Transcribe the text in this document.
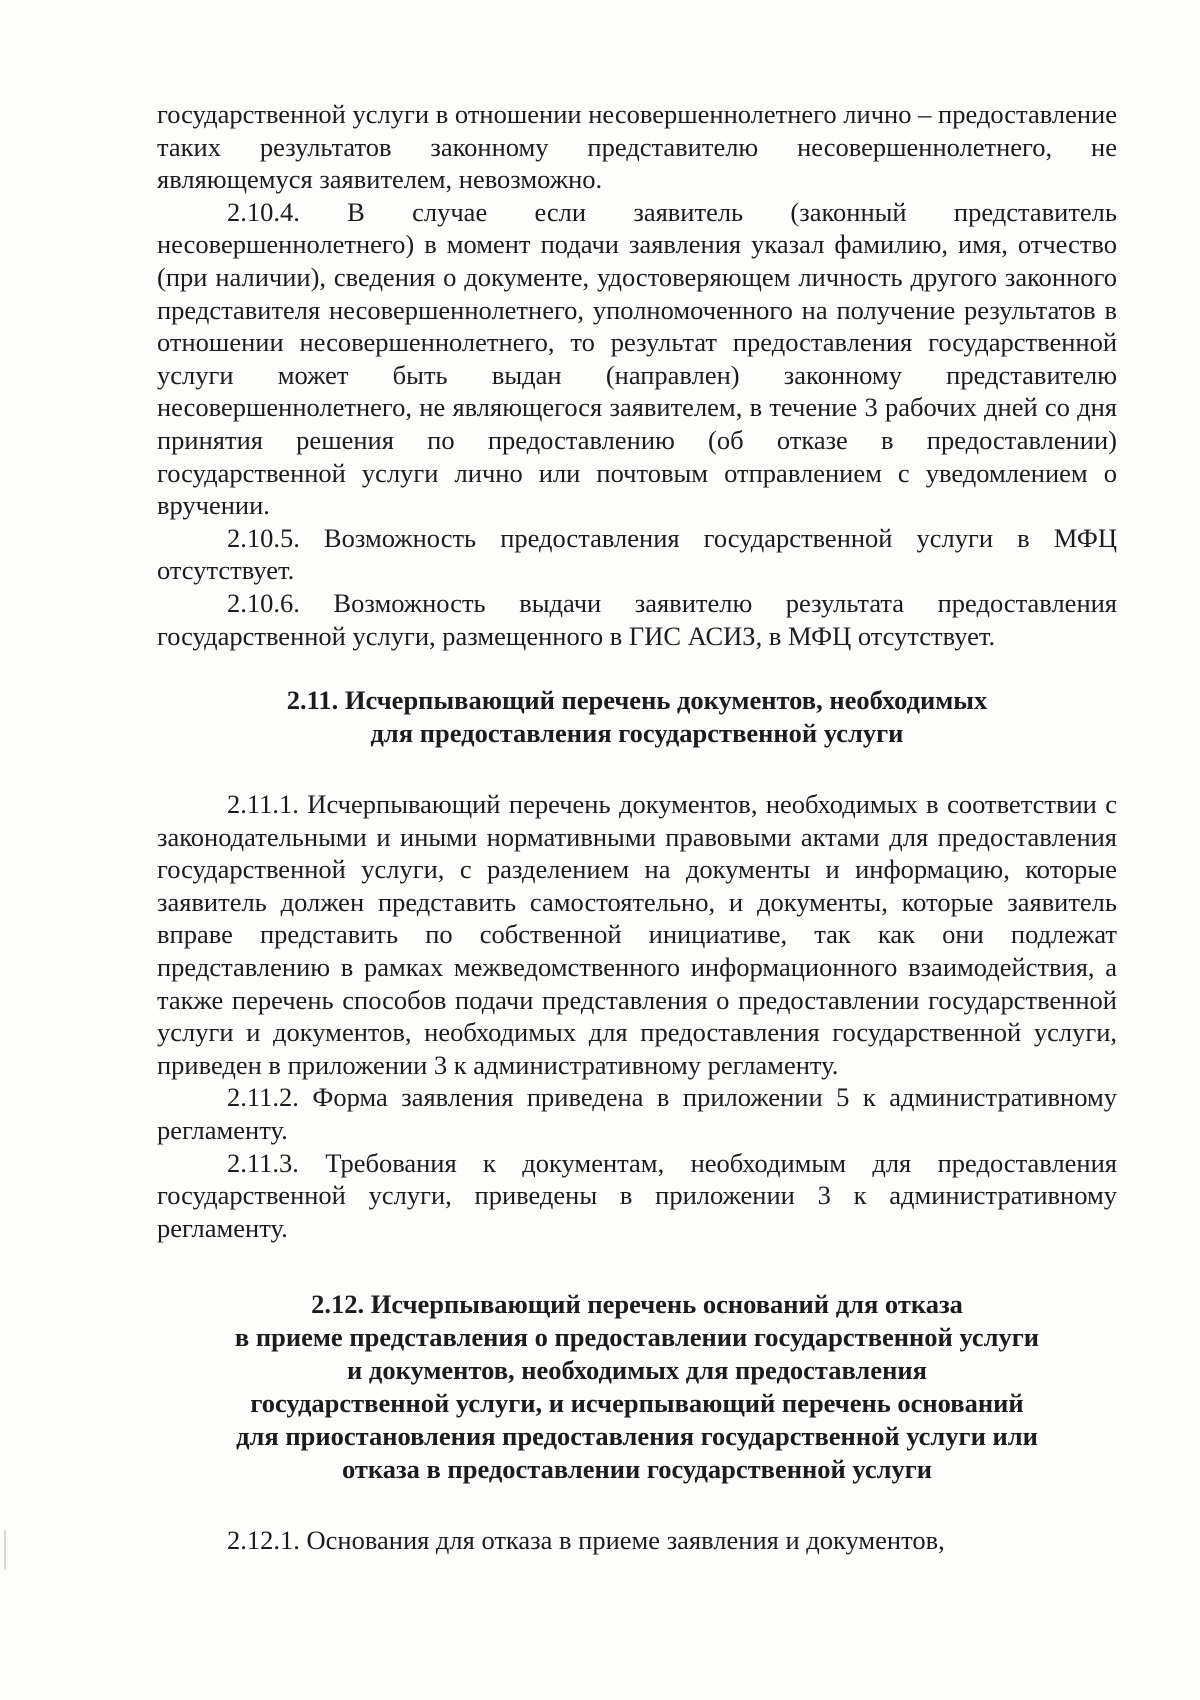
государственной услуги в отношении несовершеннолетнего лично – предоставление таких результатов законному представителю несовершеннолетнего, не являющемуся заявителем, невозможно.

2.10.4. В случае если заявитель (законный представитель несовершеннолетнего) в момент подачи заявления указал фамилию, имя, отчество (при наличии), сведения о документе, удостоверяющем личность другого законного представителя несовершеннолетнего, уполномоченного на получение результатов в отношении несовершеннолетнего, то результат предоставления государственной услуги может быть выдан (направлен) законному представителю несовершеннолетнего, не являющегося заявителем, в течение 3 рабочих дней со дня принятия решения по предоставлению (об отказе в предоставлении) государственной услуги лично или почтовым отправлением с уведомлением о вручении.

2.10.5. Возможность предоставления государственной услуги в МФЦ отсутствует.

2.10.6. Возможность выдачи заявителю результата предоставления государственной услуги, размещенного в ГИС АСИЗ, в МФЦ отсутствует.

2.11. Исчерпывающий перечень документов, необходимых
для предоставления государственной услуги

2.11.1. Исчерпывающий перечень документов, необходимых в соответствии с законодательными и иными нормативными правовыми актами для предоставления государственной услуги, с разделением на документы и информацию, которые заявитель должен представить самостоятельно, и документы, которые заявитель вправе представить по собственной инициативе, так как они подлежат представлению в рамках межведомственного информационного взаимодействия, а также перечень способов подачи представления о предоставлении государственной услуги и документов, необходимых для предоставления государственной услуги, приведен в приложении 3 к административному регламенту.

2.11.2. Форма заявления приведена в приложении 5 к административному регламенту.

2.11.3. Требования к документам, необходимым для предоставления государственной услуги, приведены в приложении 3 к административному регламенту.

2.12. Исчерпывающий перечень оснований для отказа
в приеме представления о предоставлении государственной услуги
и документов, необходимых для предоставления
государственной услуги, и исчерпывающий перечень оснований
для приостановления предоставления государственной услуги или
отказа в предоставлении государственной услуги

2.12.1. Основания для отказа в приеме заявления и документов,
